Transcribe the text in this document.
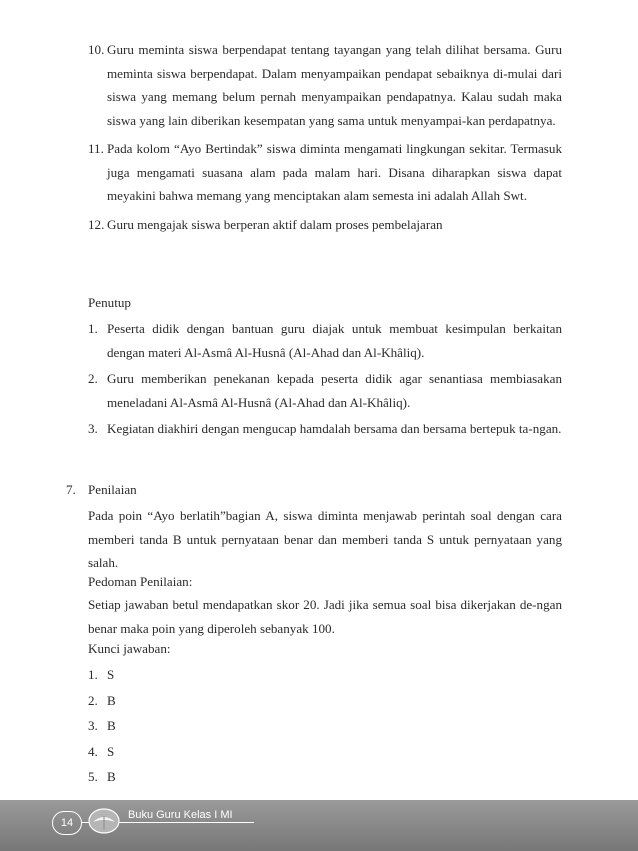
10. Guru meminta siswa berpendapat tentang tayangan yang telah dilihat bersama. Guru meminta siswa berpendapat. Dalam menyampaikan pendapat sebaiknya di-mulai dari siswa yang memang belum pernah menyampaikan pendapatnya. Kalau sudah maka siswa yang lain diberikan kesempatan yang sama untuk menyampai-kan perdapatnya.
11. Pada kolom “Ayo Bertindak” siswa diminta mengamati lingkungan sekitar. Termasuk juga mengamati suasana alam pada malam hari. Disana diharapkan siswa dapat meyakini bahwa memang yang menciptakan alam semesta ini adalah Allah Swt.
12. Guru mengajak siswa berperan aktif dalam proses pembelajaran
Penutup
1. Peserta didik dengan bantuan guru diajak untuk membuat kesimpulan berkaitan dengan materi Al-Asmâ Al-Husnâ (Al-Ahad dan Al-Khâliq).
2. Guru memberikan penekanan kepada peserta didik agar senantiasa membiasakan meneladani Al-Asmâ Al-Husnâ (Al-Ahad dan Al-Khâliq).
3. Kegiatan diakhiri dengan mengucap hamdalah bersama dan bersama bertepuk ta-ngan.
7. Penilaian
Pada poin “Ayo berlatih”bagian A, siswa diminta menjawab perintah soal dengan cara memberi tanda B untuk pernyataan benar dan memberi tanda S untuk pernyataan yang salah.
Pedoman Penilaian:
Setiap jawaban betul mendapatkan skor 20. Jadi jika semua soal bisa dikerjakan de-ngan benar maka poin yang diperoleh sebanyak 100.
Kunci jawaban:
1. S
2. B
3. B
4. S
5. B
14
Buku Guru Kelas I MI
